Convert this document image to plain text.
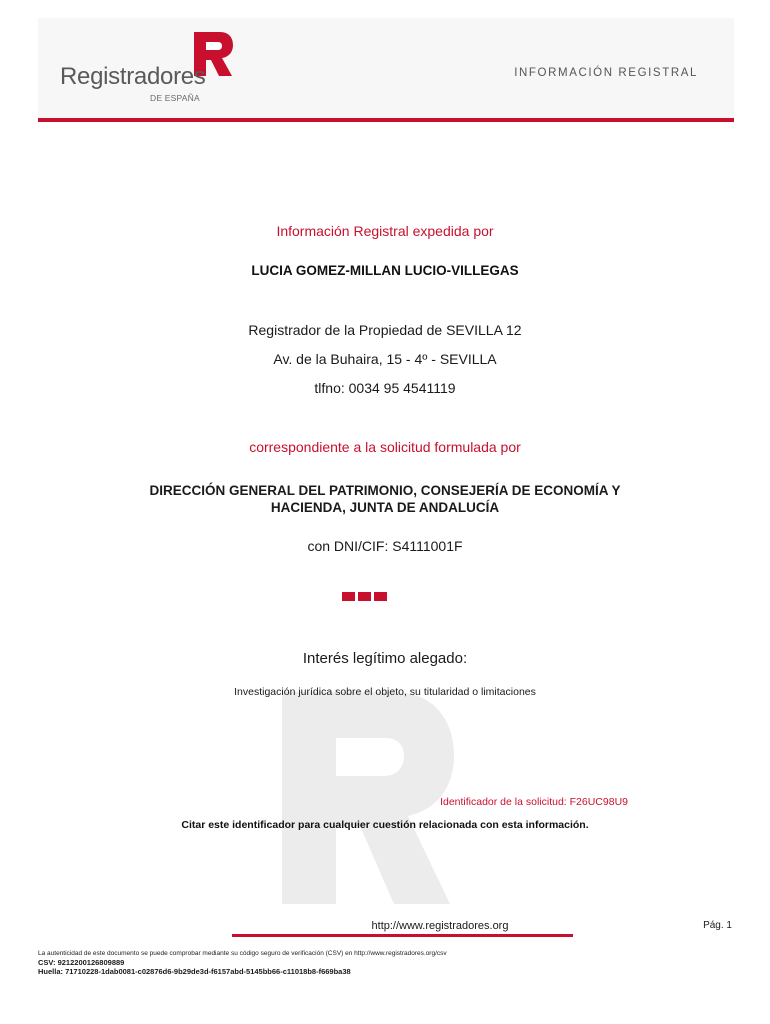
Registradores
DE ESPAÑA
INFORMACIÓN REGISTRAL
Información Registral expedida por
LUCIA GOMEZ-MILLAN LUCIO-VILLEGAS
Registrador de la Propiedad de SEVILLA 12
Av. de la Buhaira, 15 - 4º - SEVILLA
tlfno: 0034 95 4541119
correspondiente a la solicitud formulada por
DIRECCIÓN GENERAL DEL PATRIMONIO, CONSEJERÍA DE ECONOMÍA Y HACIENDA, JUNTA DE ANDALUCÍA
con DNI/CIF: S4111001F
Interés legítimo alegado:
Investigación jurídica sobre el objeto, su titularidad o limitaciones
Identificador de la solicitud: F26UC98U9
Citar este identificador para cualquier cuestión relacionada con esta información.
http://www.registradores.org	Pág. 1
La autenticidad de este documento se puede comprobar mediante su código seguro de verificación (CSV) en http://www.registradores.org/csv
CSV: 9212200126809889
Huella: 71710228-1dab0081-c02876d6-9b29de3d-f6157abd-5145bb66-c11018b8-f669ba38
